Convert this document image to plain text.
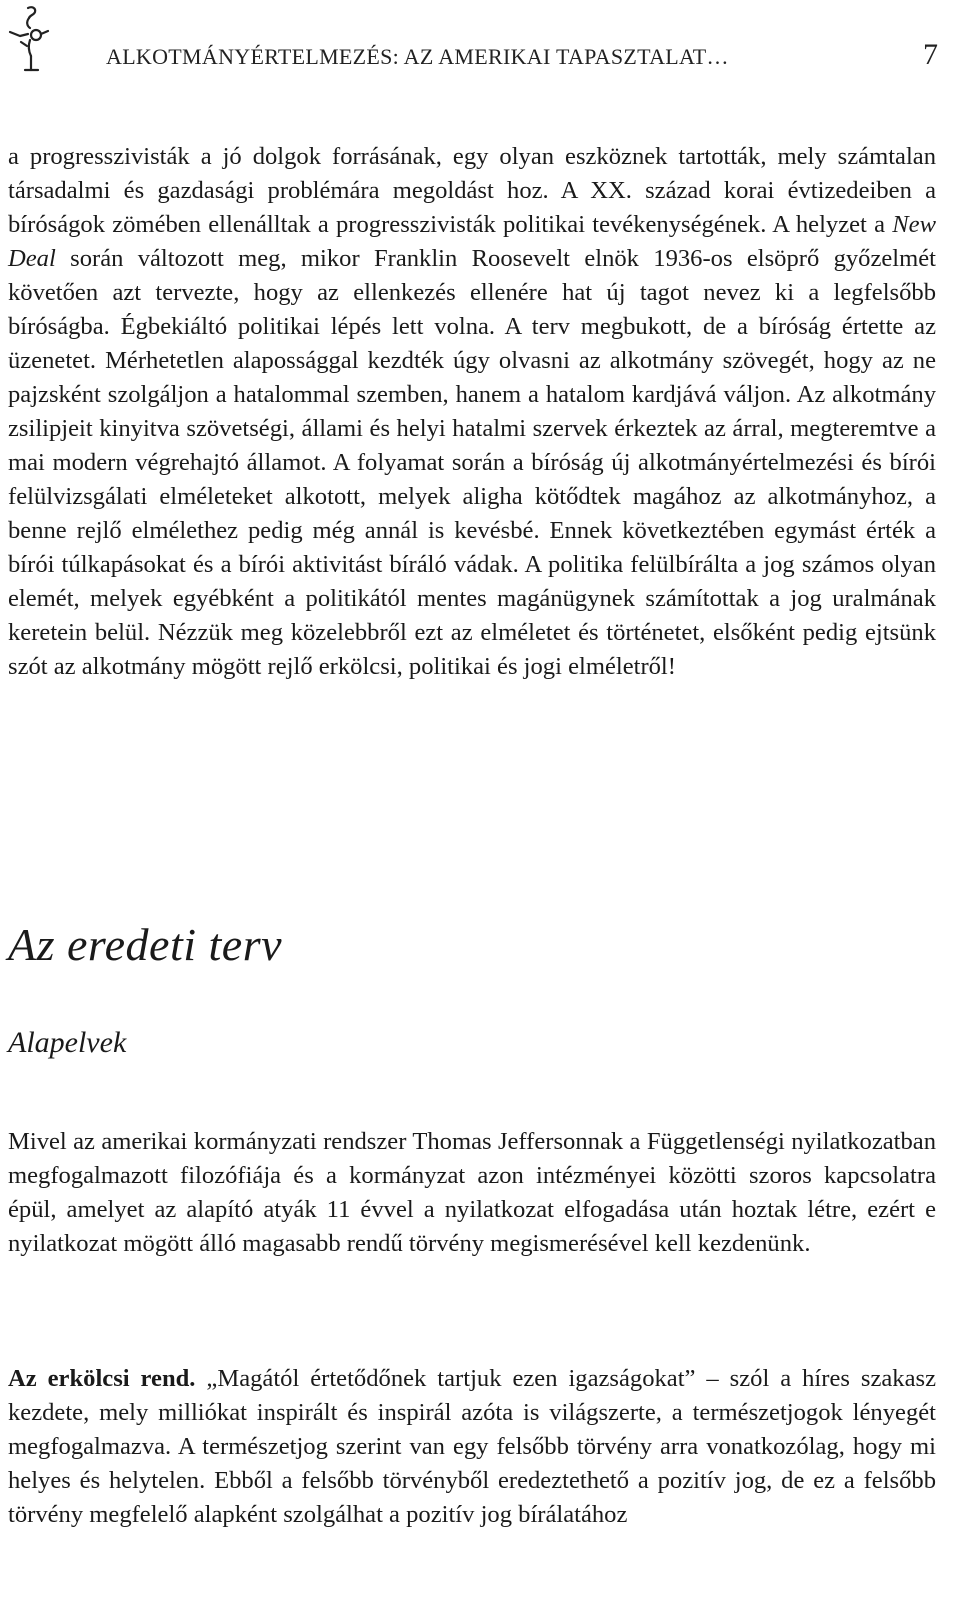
ALKOTMÁNYÉRTELMEZÉS: AZ AMERIKAI TAPASZTALAT…	7

a progresszivisták a jó dolgok forrásának, egy olyan eszköznek tartották, mely számtalan társadalmi és gazdasági problémára megoldást hoz. A XX. század korai évtizedeiben a bíróságok zömében ellenálltak a progresszivisták politikai tevékenységének. A helyzet a New Deal során változott meg, mikor Franklin Roosevelt elnök 1936-os elsöprő győzelmét követően azt tervezte, hogy az ellenkezés ellenére hat új tagot nevez ki a legfelsőbb bíróságba. Égbekiáltó politikai lépés lett volna. A terv megbukott, de a bíróság értette az üzenetet. Mérhetetlen alapossággal kezdték úgy olvasni az alkotmány szövegét, hogy az ne pajzsként szolgáljon a hatalommal szemben, hanem a hatalom kardjává váljon. Az alkotmány zsilipjeit kinyitva szövetségi, állami és helyi hatalmi szervek érkeztek az árral, megteremtve a mai modern végrehajtó államot. A folyamat során a bíróság új alkotmányértelmezési és bírói felülvizsgálati elméleteket alkotott, melyek aligha kötődtek magához az alkotmányhoz, a benne rejlő elmélethez pedig még annál is kevésbé. Ennek következtében egymást érték a bírói túlkapásokat és a bírói aktivitást bíráló vádak. A politika felülbírálta a jog számos olyan elemét, melyek egyébként a politikától mentes magánügynek számítottak a jog uralmának keretein belül. Nézzük meg közelebbről ezt az elméletet és történetet, elsőként pedig ejtsünk szót az alkotmány mögött rejlő erkölcsi, politikai és jogi elméletről!

Az eredeti terv
Alapelvek

Mivel az amerikai kormányzati rendszer Thomas Jeffersonnak a Függetlenségi nyilatkozatban megfogalmazott filozófiája és a kormányzat azon intézményei közötti szoros kapcsolatra épül, amelyet az alapító atyák 11 évvel a nyilatkozat elfogadása után hoztak létre, ezért e nyilatkozat mögött álló magasabb rendű törvény megismerésével kell kezdenünk.

Az erkölcsi rend. „Magától értetődőnek tartjuk ezen igazságokat” – szól a híres szakasz kezdete, mely milliókat inspirált és inspirál azóta is világszerte, a természetjogok lényegét megfogalmazva. A természetjog szerint van egy felsőbb törvény arra vonatkozólag, hogy mi helyes és helytelen. Ebből a felsőbb törvényből eredeztethető a pozitív jog, de ez a felsőbb törvény megfelelő alapként szolgálhat a pozitív jog bírálatához
